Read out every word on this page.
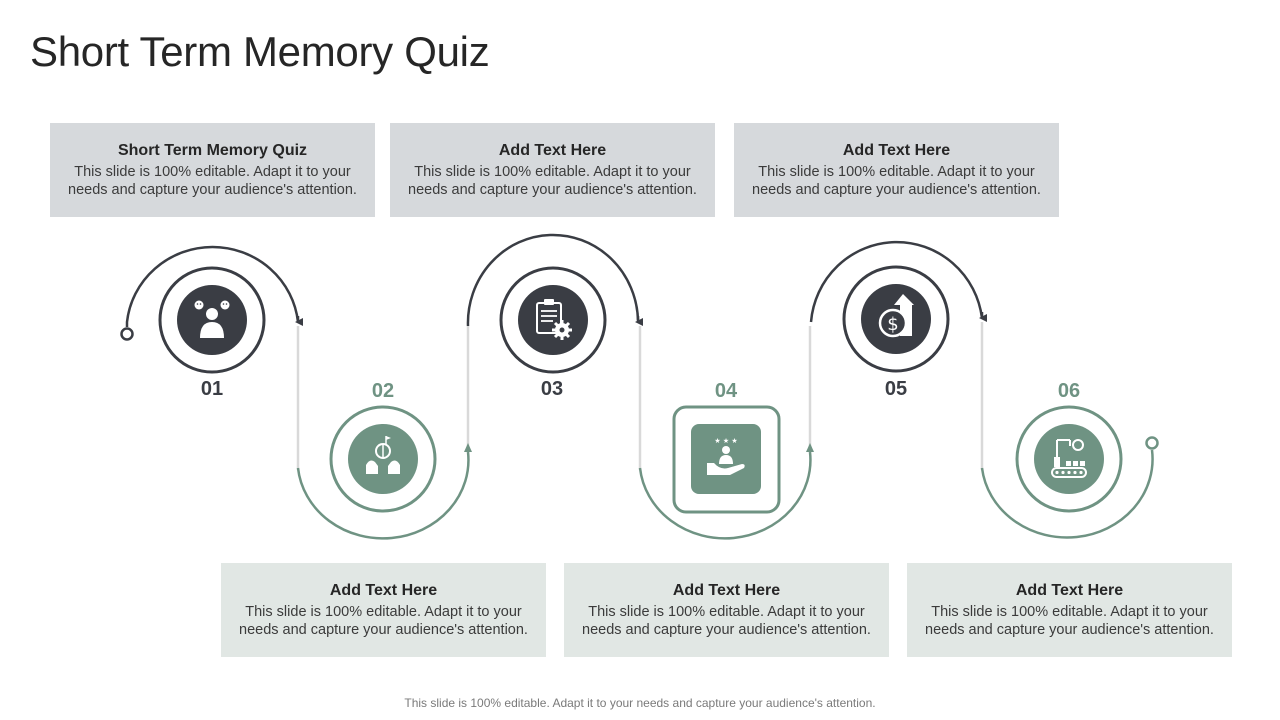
Short Term Memory Quiz
Short Term Memory Quiz
This slide is 100% editable. Adapt it to your needs and capture your audience's attention.
Add Text Here
This slide is 100% editable. Adapt it to your needs and capture your audience's attention.
Add Text Here
This slide is 100% editable. Adapt it to your needs and capture your audience's attention.
Add Text Here
This slide is 100% editable. Adapt it to your needs and capture your audience's attention.
Add Text Here
This slide is 100% editable. Adapt it to your needs and capture your audience's attention.
Add Text Here
This slide is 100% editable. Adapt it to your needs and capture your audience's attention.
★ ★ ★
$
01	02	03	04	05	06
This slide is 100% editable. Adapt it to your needs and capture your audience's attention.
